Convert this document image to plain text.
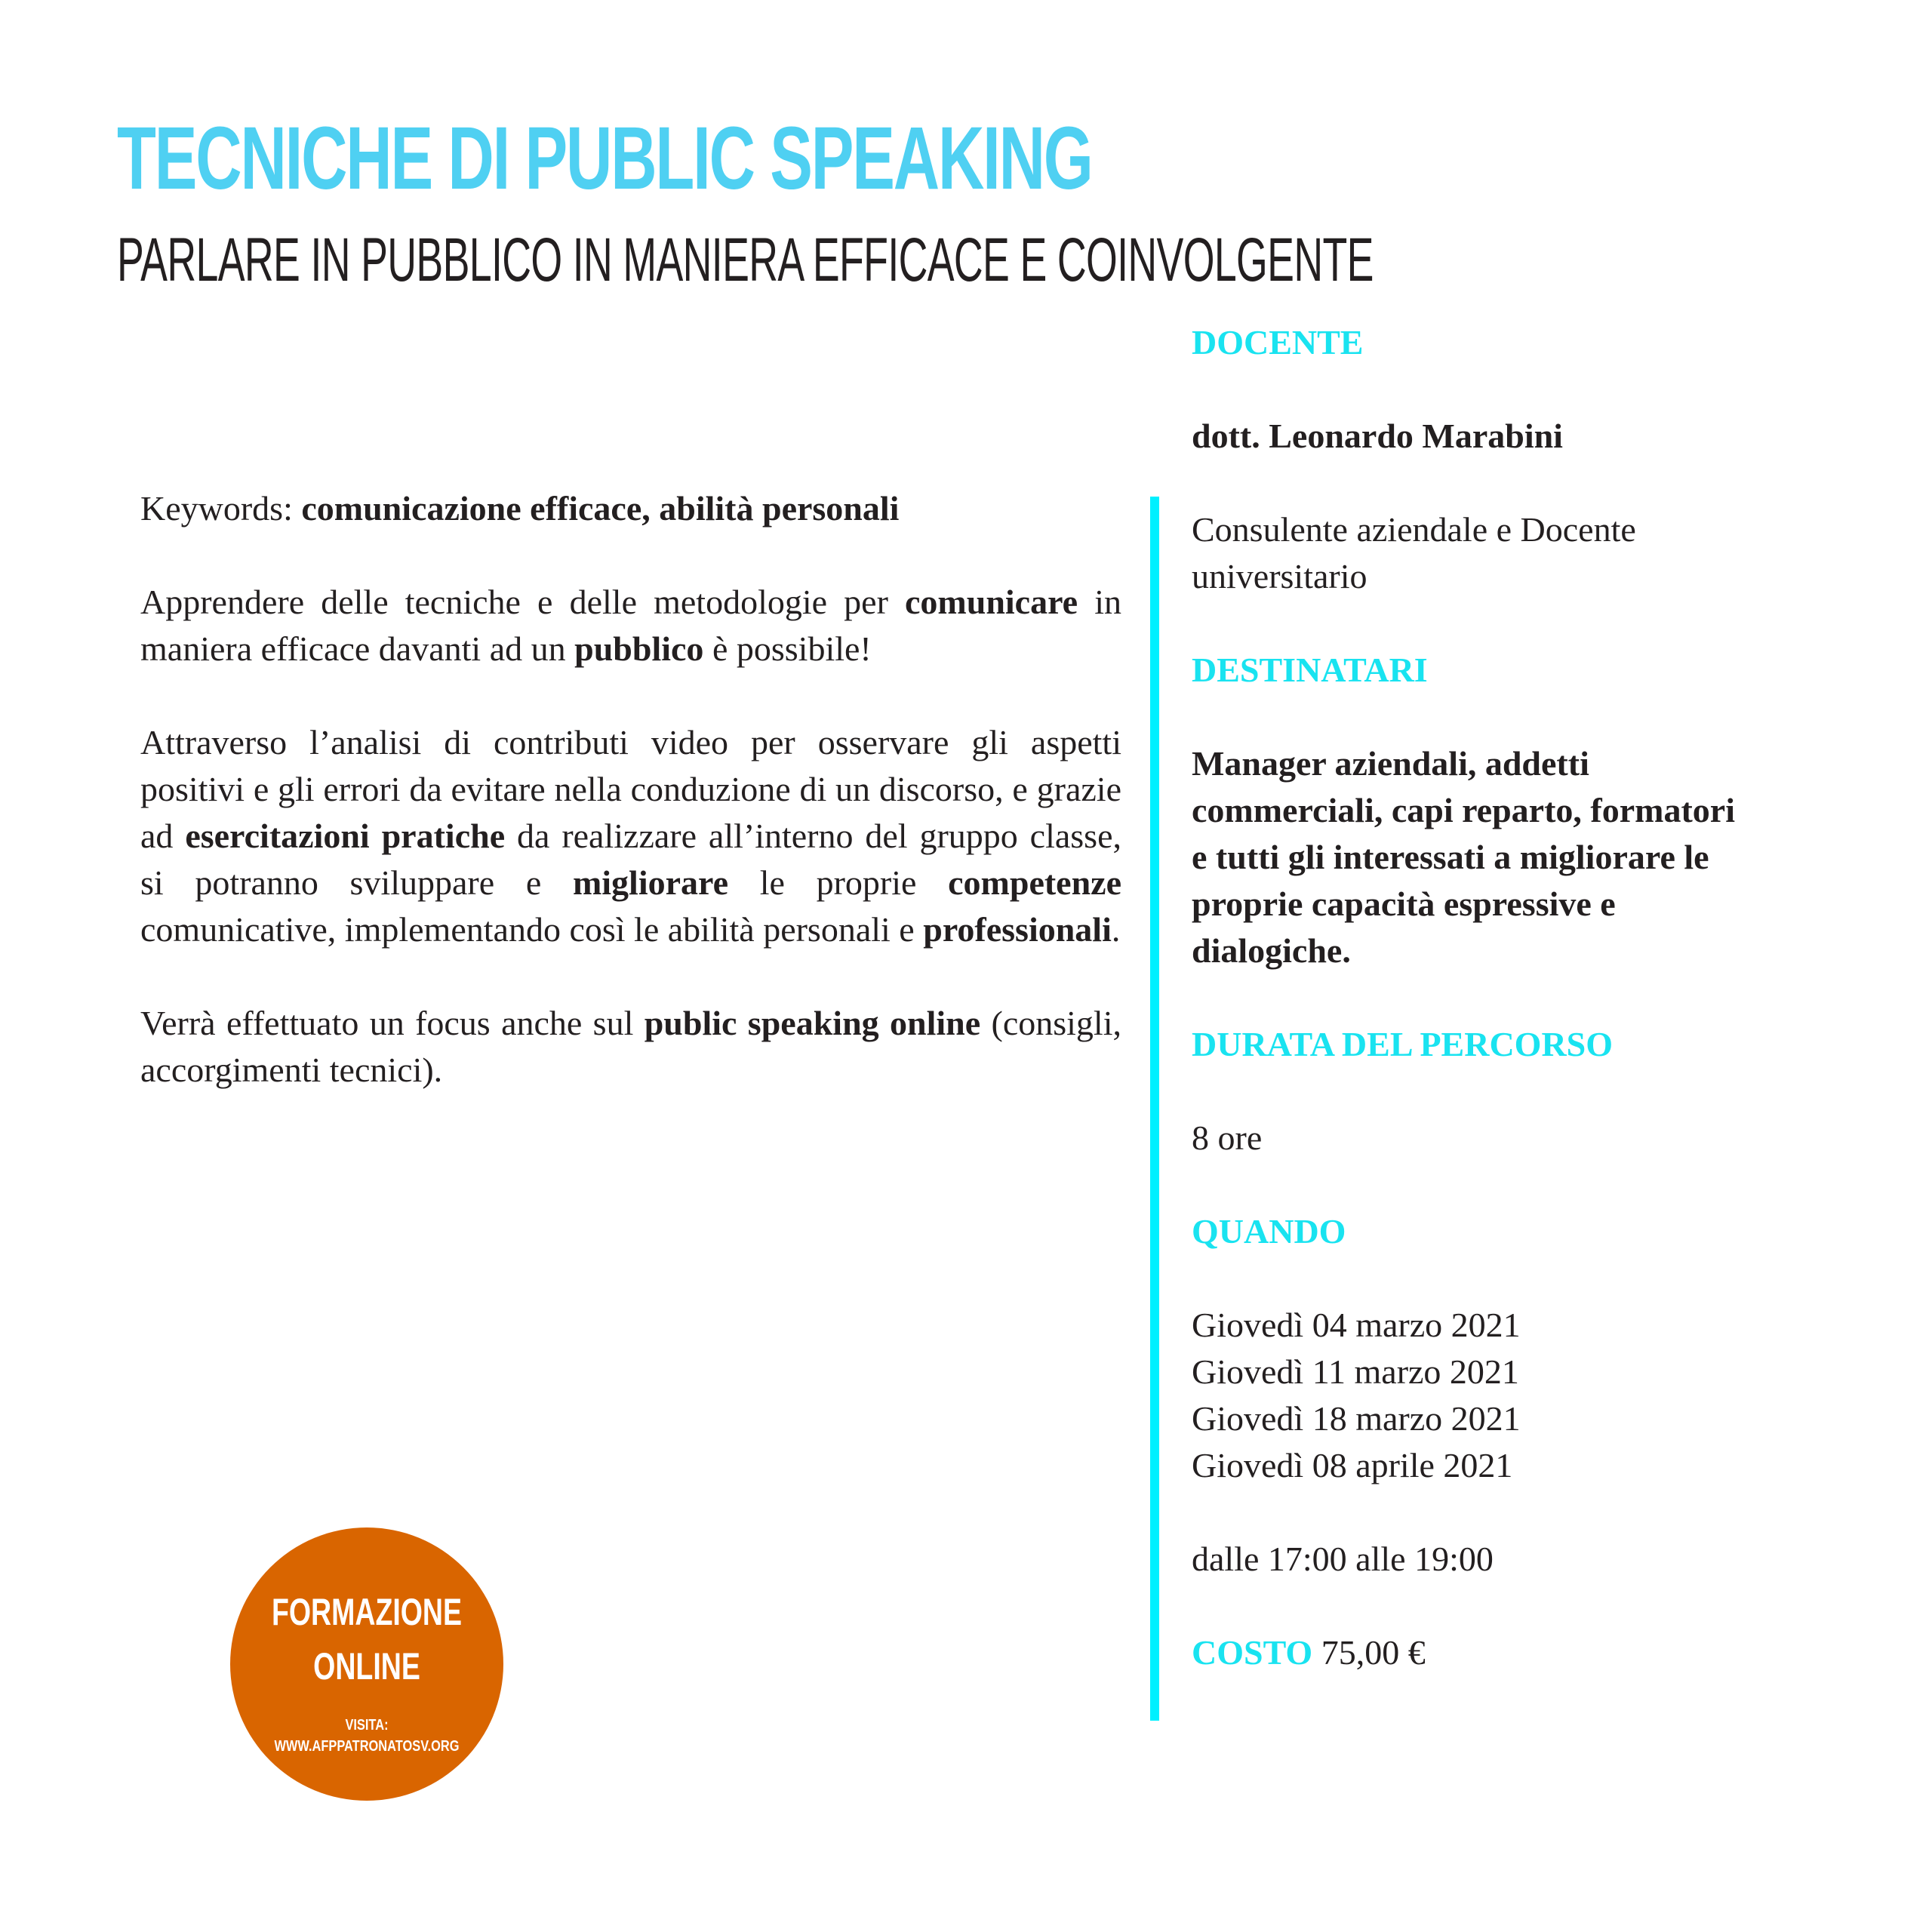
TECNICHE DI PUBLIC SPEAKING
PARLARE IN PUBBLICO IN MANIERA EFFICACE E COINVOLGENTE

Keywords: comunicazione efficace, abilità personali

Apprendere delle tecniche e delle metodologie per comunicare in maniera efficace davanti ad un pubblico è possibile!

Attraverso l’analisi di contributi video per osservare gli aspetti positivi e gli errori da evitare nella conduzione di un discorso, e grazie ad esercitazioni pratiche da realizzare all’interno del gruppo classe, si potranno sviluppare e migliorare le proprie competenze comunicative, implementando così le abilità personali e professionali.

Verrà effettuato un focus anche sul public speaking online (consigli, accorgimenti tecnici).

DOCENTE
dott. Leonardo Marabini
Consulente aziendale e Docente universitario
DESTINATARI
Manager aziendali, addetti commerciali, capi reparto, formatori e tutti gli interessati a migliorare le proprie capacità espressive e dialogiche.
DURATA DEL PERCORSO
8 ore
QUANDO
Giovedì 04 marzo 2021
Giovedì 11 marzo 2021
Giovedì 18 marzo 2021
Giovedì 08 aprile 2021
dalle 17:00 alle 19:00
COSTO 75,00 €
FORMAZIONE
ONLINE
VISITA:
WWW.AFPPATRONATOSV.ORG
